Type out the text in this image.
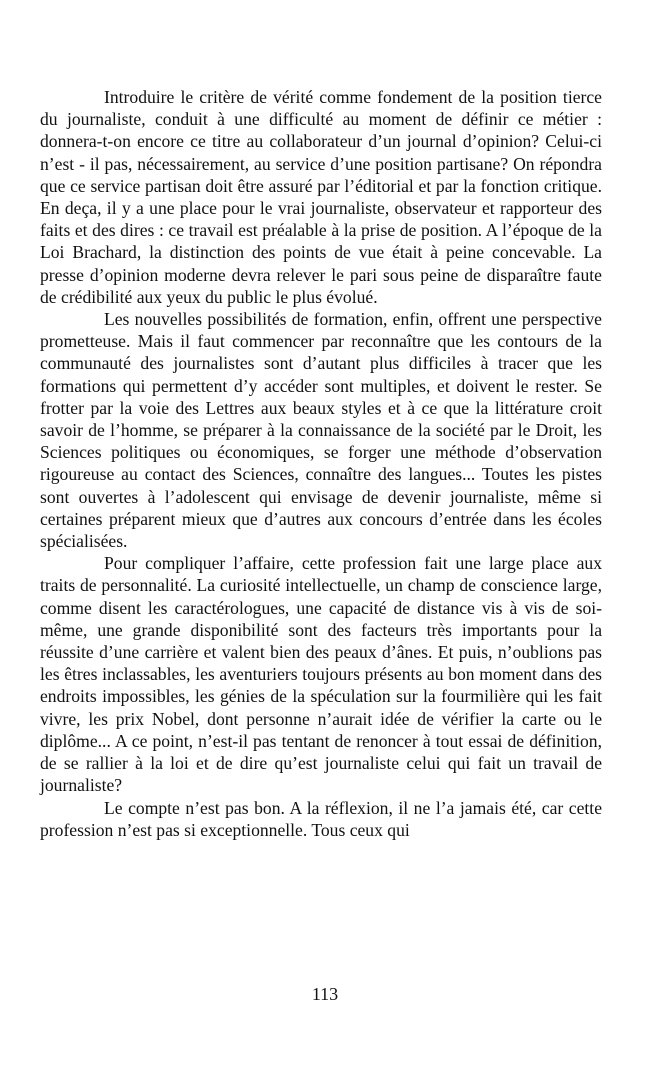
Introduire le critère de vérité comme fondement de la position tierce du journaliste, conduit à une difficulté au moment de définir ce métier : donnera-t-on encore ce titre au collaborateur d’un journal d’opinion? Celui-ci n’est - il pas, nécessairement, au service d’une position partisane? On répondra que ce service partisan doit être assuré par l’éditorial et par la fonction critique. En deça, il y a une place pour le vrai journaliste, observateur et rapporteur des faits et des dires : ce travail est préalable à la prise de position. A l’époque de la Loi Brachard, la distinction des points de vue était à peine concevable. La presse d’opinion moderne devra relever le pari sous peine de disparaître faute de crédibilité aux yeux du public le plus évolué.

Les nouvelles possibilités de formation, enfin, offrent une perspective prometteuse. Mais il faut commencer par reconnaître que les contours de la communauté des journalistes sont d’autant plus difficiles à tracer que les formations qui permettent d’y accéder sont multiples, et doivent le rester. Se frotter par la voie des Lettres aux beaux styles et à ce que la littérature croit savoir de l’homme, se préparer à la connaissance de la société par le Droit, les Sciences politiques ou économiques, se forger une méthode d’observation rigoureuse au contact des Sciences, connaître des langues... Toutes les pistes sont ouvertes à l’adolescent qui envisage de devenir journaliste, même si certaines préparent mieux que d’autres aux concours d’entrée dans les écoles spécialisées.

Pour compliquer l’affaire, cette profession fait une large place aux traits de personnalité. La curiosité intellectuelle, un champ de conscience large, comme disent les caractérologues, une capacité de distance vis à vis de soi-même, une grande disponibilité sont des facteurs très importants pour la réussite d’une carrière et valent bien des peaux d’ânes. Et puis, n’oublions pas les êtres inclassables, les aventuriers toujours présents au bon moment dans des endroits impossibles, les génies de la spéculation sur la fourmilière qui les fait vivre, les prix Nobel, dont personne n’aurait idée de vérifier la carte ou le diplôme... A ce point, n’est-il pas tentant de renoncer à tout essai de définition, de se rallier à la loi et de dire qu’est journaliste celui qui fait un travail de journaliste?

Le compte n’est pas bon. A la réflexion, il ne l’a jamais été, car cette profession n’est pas si exceptionnelle. Tous ceux qui

113
